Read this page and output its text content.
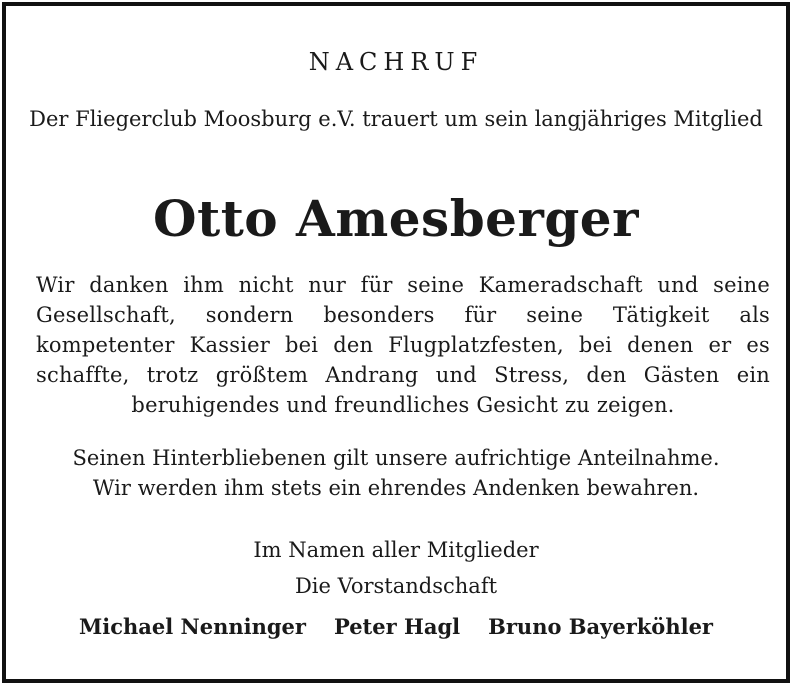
NACHRUF
Der Fliegerclub Moosburg e.V. trauert um sein langjähriges Mitglied
Otto Amesberger
Wir danken ihm nicht nur für seine Kameradschaft und seine Gesellschaft, sondern besonders für seine Tätigkeit als kompetenter Kassier bei den Flugplatzfesten, bei denen er es schaffte, trotz größtem Andrang und Stress, den Gästen ein beruhigendes und freundliches Gesicht zu zeigen.
Seinen Hinterbliebenen gilt unsere aufrichtige Anteilnahme.
Wir werden ihm stets ein ehrendes Andenken bewahren.
Im Namen aller Mitglieder
Die Vorstandschaft
Michael Nenninger Peter Hagl Bruno Bayerköhler
